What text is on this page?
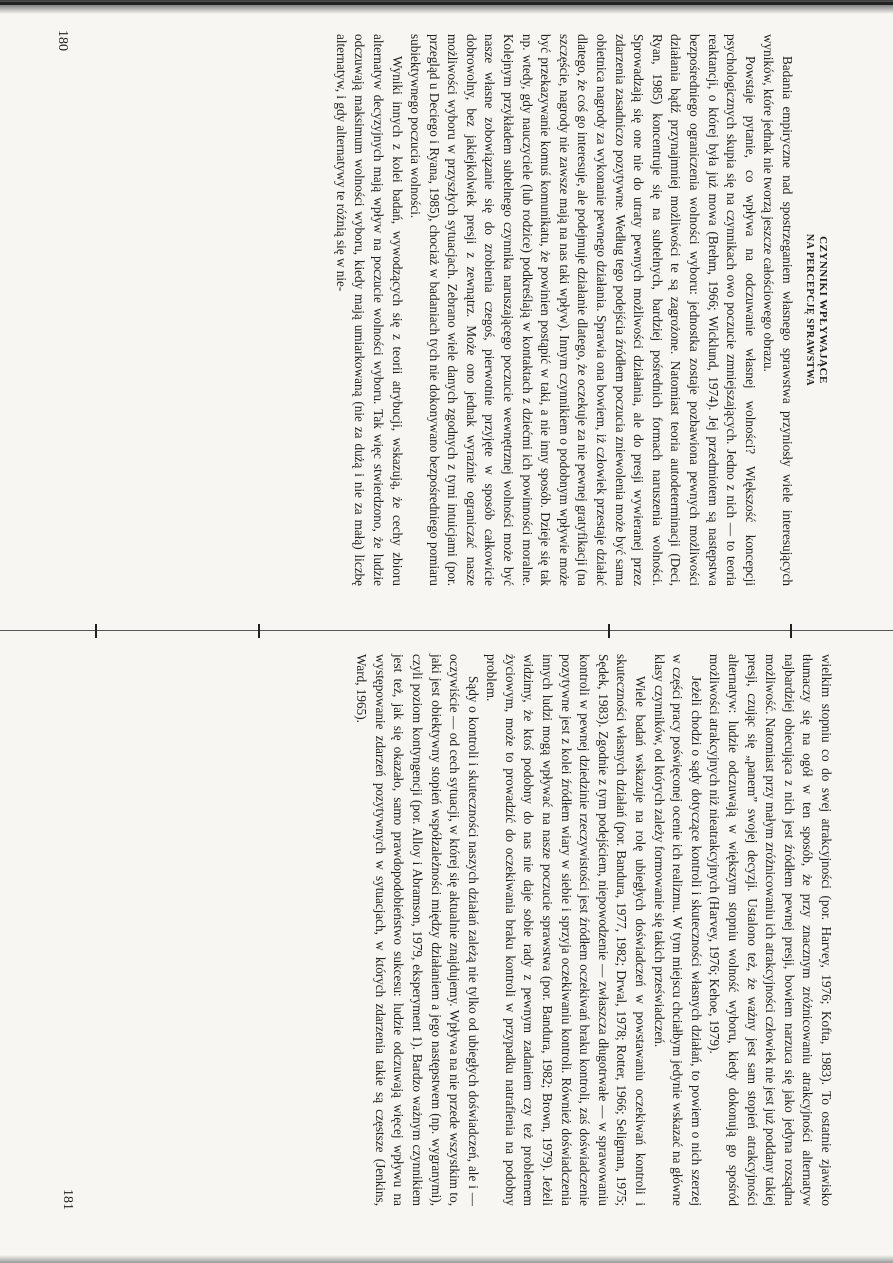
CZYNNIKI WPŁYWAJĄCE
NA PERCEPCJĘ SPRAWSTWA

Badania empiryczne nad spostrzeganiem własnego sprawstwa przyniosły wiele interesujących wyników, które jednak nie tworzą jeszcze całościowego obrazu.

Powstaje pytanie, co wpływa na odczuwanie własnej wolności? Większość koncepcji psychologicznych skupia się na czynnikach owo poczucie zmniejszających. Jedno z nich — to teoria reaktancji, o której była już mowa (Brehm, 1966; Wicklund, 1974). Jej przedmiotem są następstwa bezpośredniego ograniczenia wolności wyboru: jednostka zostaje pozbawiona pewnych możliwości działania bądź przynajmniej możliwości te są zagrożone. Natomiast teoria autodeterminacji (Deci, Ryan, 1985) koncentruje się na subtelnych, bardziej pośrednich formach naruszenia wolności. Sprowadzają się one nie do utraty pewnych możliwości działania, ale do presji wywieranej przez zdarzenia zasadniczo pozytywne. Według tego podejścia źródłem poczucia zniewolenia może być sama obietnica nagrody za wykonanie pewnego działania. Sprawia ona bowiem, iż człowiek przestaje działać dlatego, że coś go interesuje, ale podejmuje działanie dlatego, że oczekuje za nie pewnej gratyfikacji (na szczęście, nagrody nie zawsze mają na nas taki wpływ). Innym czynnikiem o podobnym wpływie może być przekazywanie komuś komunikatu, że powinien postąpić w taki, a nie inny sposób. Dzieje się tak np. wtedy, gdy nauczyciele (lub rodzice) podkreślają w kontaktach z dziećmi ich powinności moralne. Kolejnym przykładem subtelnego czynnika naruszającego poczucie wewnętrznej wolności może być nasze własne zobowiązanie się do zrobienia czegoś, pierwotnie przyjęte w sposób całkowicie dobrowolny, bez jakiejkolwiek presji z zewnątrz. Może ono jednak wyraźnie ograniczać nasze możliwości wyboru w przyszłych sytuacjach. Zebrano wiele danych zgodnych z tymi intuicjami (por. przegląd u Deciego i Ryana, 1985), chociaż w badaniach tych nie dokonywano bezpośredniego pomiaru subiektywnego poczucia wolności.

Wyniki innych z kolei badań, wywodzących się z teorii atrybucji, wskazują, że cechy zbioru alternatyw decyzyjnych mają wpływ na poczucie wolności wyboru. Tak więc stwierdzono, że ludzie odczuwają maksimum wolności wyboru, kiedy mają umiarkowaną (nie za dużą i nie za małą) liczbę alternatyw, i gdy alternatywy te różnią się w nie-

180

wielkim stopniu co do swej atrakcyjności (por. Harvey, 1976; Kofta, 1983). To ostatnie zjawisko tłumaczy się na ogół w ten sposób, że przy znacznym zróżnicowaniu atrakcyjności alternatyw najbardziej obiecująca z nich jest źródłem pewnej presji, bowiem narzuca się jako jedyna rozsądna możliwość. Natomiast przy małym zróżnicowaniu ich atrakcyjności człowiek nie jest już poddany takiej presji, czując się „panem” swojej decyzji. Ustalono też, że ważny jest sam stopień atrakcyjności alternatyw: ludzie odczuwają w większym stopniu wolność wyboru, kiedy dokonują go spośród możliwości atrakcyjnych niż nieatrakcyjnych (Harvey, 1976; Kehoe, 1979).

Jeżeli chodzi o sądy dotyczące kontroli i skuteczności własnych działań, to powiem o nich szerzej w części pracy poświęconej ocenie ich realizmu. W tym miejscu chciałbym jedynie wskazać na główne klasy czynników, od których zależy formowanie się takich przeświadczeń.

Wiele badań wskazuje na rolę ubiegłych doświadczeń w powstawaniu oczekiwań kontroli i skuteczności własnych działań (por. Bandura, 1977, 1982; Drwal, 1978; Rotter, 1966; Seligman, 1975; Sędek, 1983). Zgodnie z tym podejściem, niepowodzenie — zwłaszcza długotrwałe — w sprawowaniu kontroli w pewnej dziedzinie rzeczywistości jest źródłem oczekiwań braku kontroli, zaś doświadczenie pozytywne jest z kolei źródłem wiary w siebie i sprzyja oczekiwaniu kontroli. Również doświadczenia innych ludzi mogą wpływać na nasze poczucie sprawstwa (por. Bandura, 1982; Brown, 1979). Jeżeli widzimy, że ktoś podobny do nas nie daje sobie rady z pewnym zadaniem czy też problemem życiowym, może to prowadzić do oczekiwania braku kontroli w przypadku natrafienia na podobny problem.

Sądy o kontroli i skuteczności naszych działań zależą nie tylko od ubiegłych doświadczeń, ale i — oczywiście — od cech sytuacji, w której się aktualnie znajdujemy. Wpływa na nie przede wszystkim to, jaki jest obiektywny stopień współzależności między działaniem a jego następstwem (np. wygranymi), czyli poziom kontyngencji (por. Alloy i Abramson, 1979, eksperyment 1). Bardzo ważnym czynnikiem jest też, jak się okazało, samo prawdopodobieństwo sukcesu: ludzie odczuwają więcej wpływu na występowanie zdarzeń pozytywnych w sytuacjach, w których zdarzenia takie są częstsze (Jenkins, Ward, 1965).

181
